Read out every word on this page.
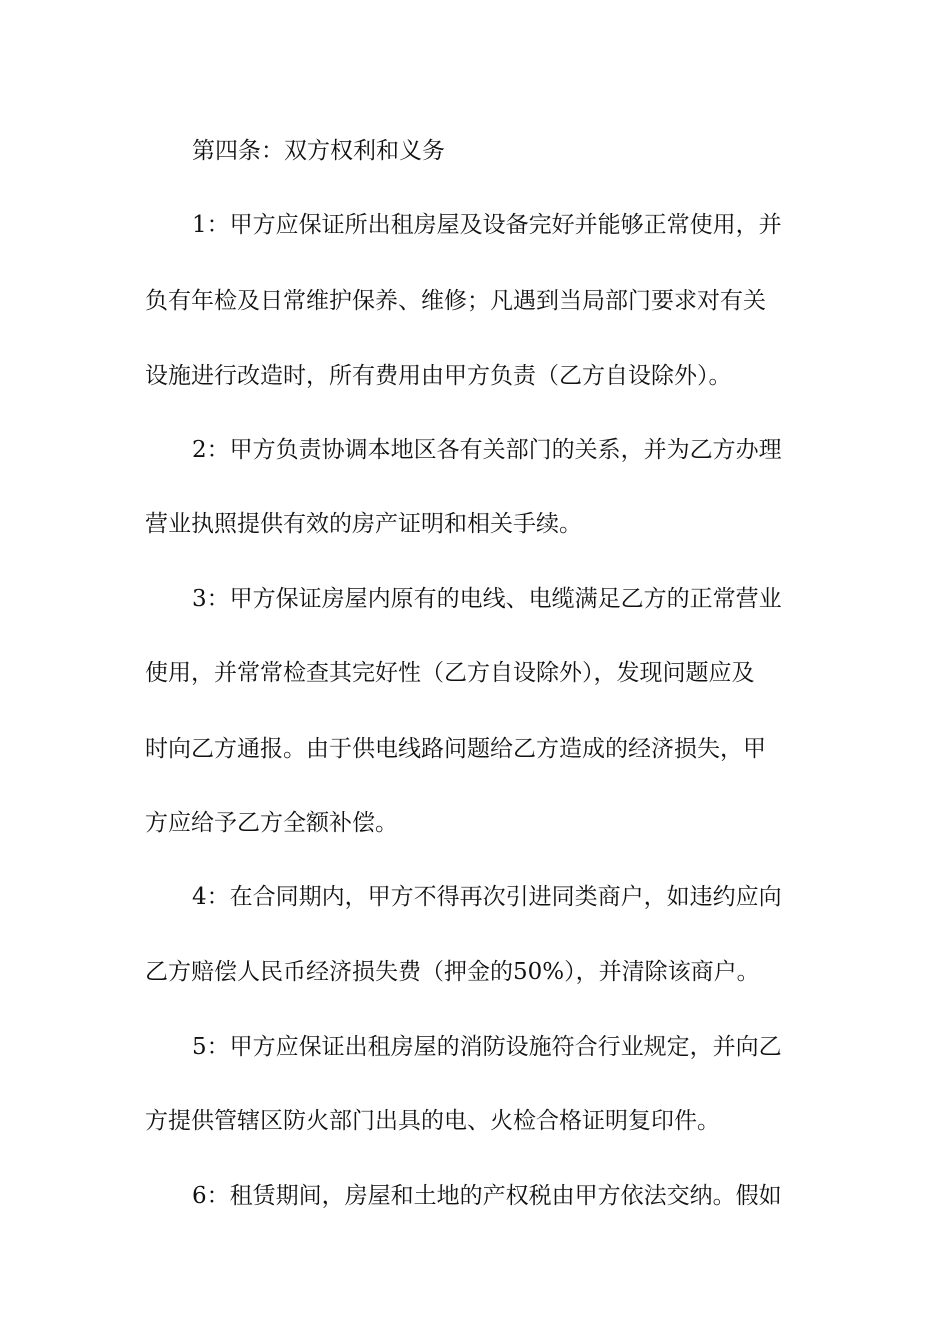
第四条：双方权利和义务
1：甲方应保证所出租房屋及设备完好并能够正常使用，并
负有年检及日常维护保养、维修；凡遇到当局部门要求对有关
设施进行改造时，所有费用由甲方负责（乙方自设除外）。
2：甲方负责协调本地区各有关部门的关系，并为乙方办理
营业执照提供有效的房产证明和相关手续。
3：甲方保证房屋内原有的电线、电缆满足乙方的正常营业
使用，并常常检查其完好性（乙方自设除外），发现问题应及
时向乙方通报。由于供电线路问题给乙方造成的经济损失，甲
方应给予乙方全额补偿。
4：在合同期内，甲方不得再次引进同类商户，如违约应向
乙方赔偿人民币经济损失费（押金的50%），并清除该商户。
5：甲方应保证出租房屋的消防设施符合行业规定，并向乙
方提供管辖区防火部门出具的电、火检合格证明复印件。
6：租赁期间，房屋和土地的产权税由甲方依法交纳。假如
